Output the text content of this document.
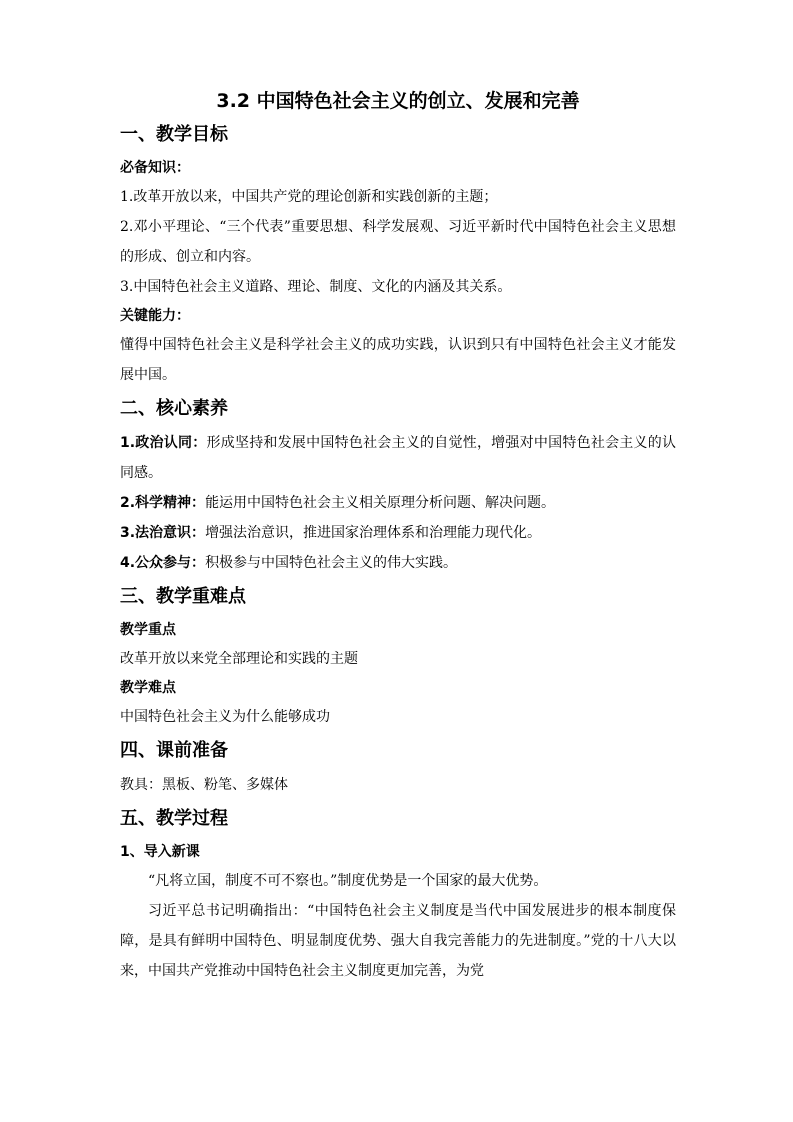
3.2 中国特色社会主义的创立、发展和完善
一、教学目标
必备知识：

1.改革开放以来，中国共产党的理论创新和实践创新的主题；

2.邓小平理论、“三个代表”重要思想、科学发展观、习近平新时代中国特色社会主义思想的形成、创立和内容。

3.中国特色社会主义道路、理论、制度、文化的内涵及其关系。

关键能力：

懂得中国特色社会主义是科学社会主义的成功实践，认识到只有中国特色社会主义才能发展中国。

二、核心素养

1.政治认同：形成坚持和发展中国特色社会主义的自觉性，增强对中国特色社会主义的认同感。

2.科学精神：能运用中国特色社会主义相关原理分析问题、解决问题。

3.法治意识：增强法治意识，推进国家治理体系和治理能力现代化。

4.公众参与：积极参与中国特色社会主义的伟大实践。

三、教学重难点
教学重点

改革开放以来党全部理论和实践的主题

教学难点

中国特色社会主义为什么能够成功

四、课前准备

教具：黑板、粉笔、多媒体

五、教学过程
1、导入新课

“凡将立国，制度不可不察也。”制度优势是一个国家的最大优势。

习近平总书记明确指出：“中国特色社会主义制度是当代中国发展进步的根本制度保障，是具有鲜明中国特色、明显制度优势、强大自我完善能力的先进制度。”党的十八大以来，中国共产党推动中国特色社会主义制度更加完善，为党
